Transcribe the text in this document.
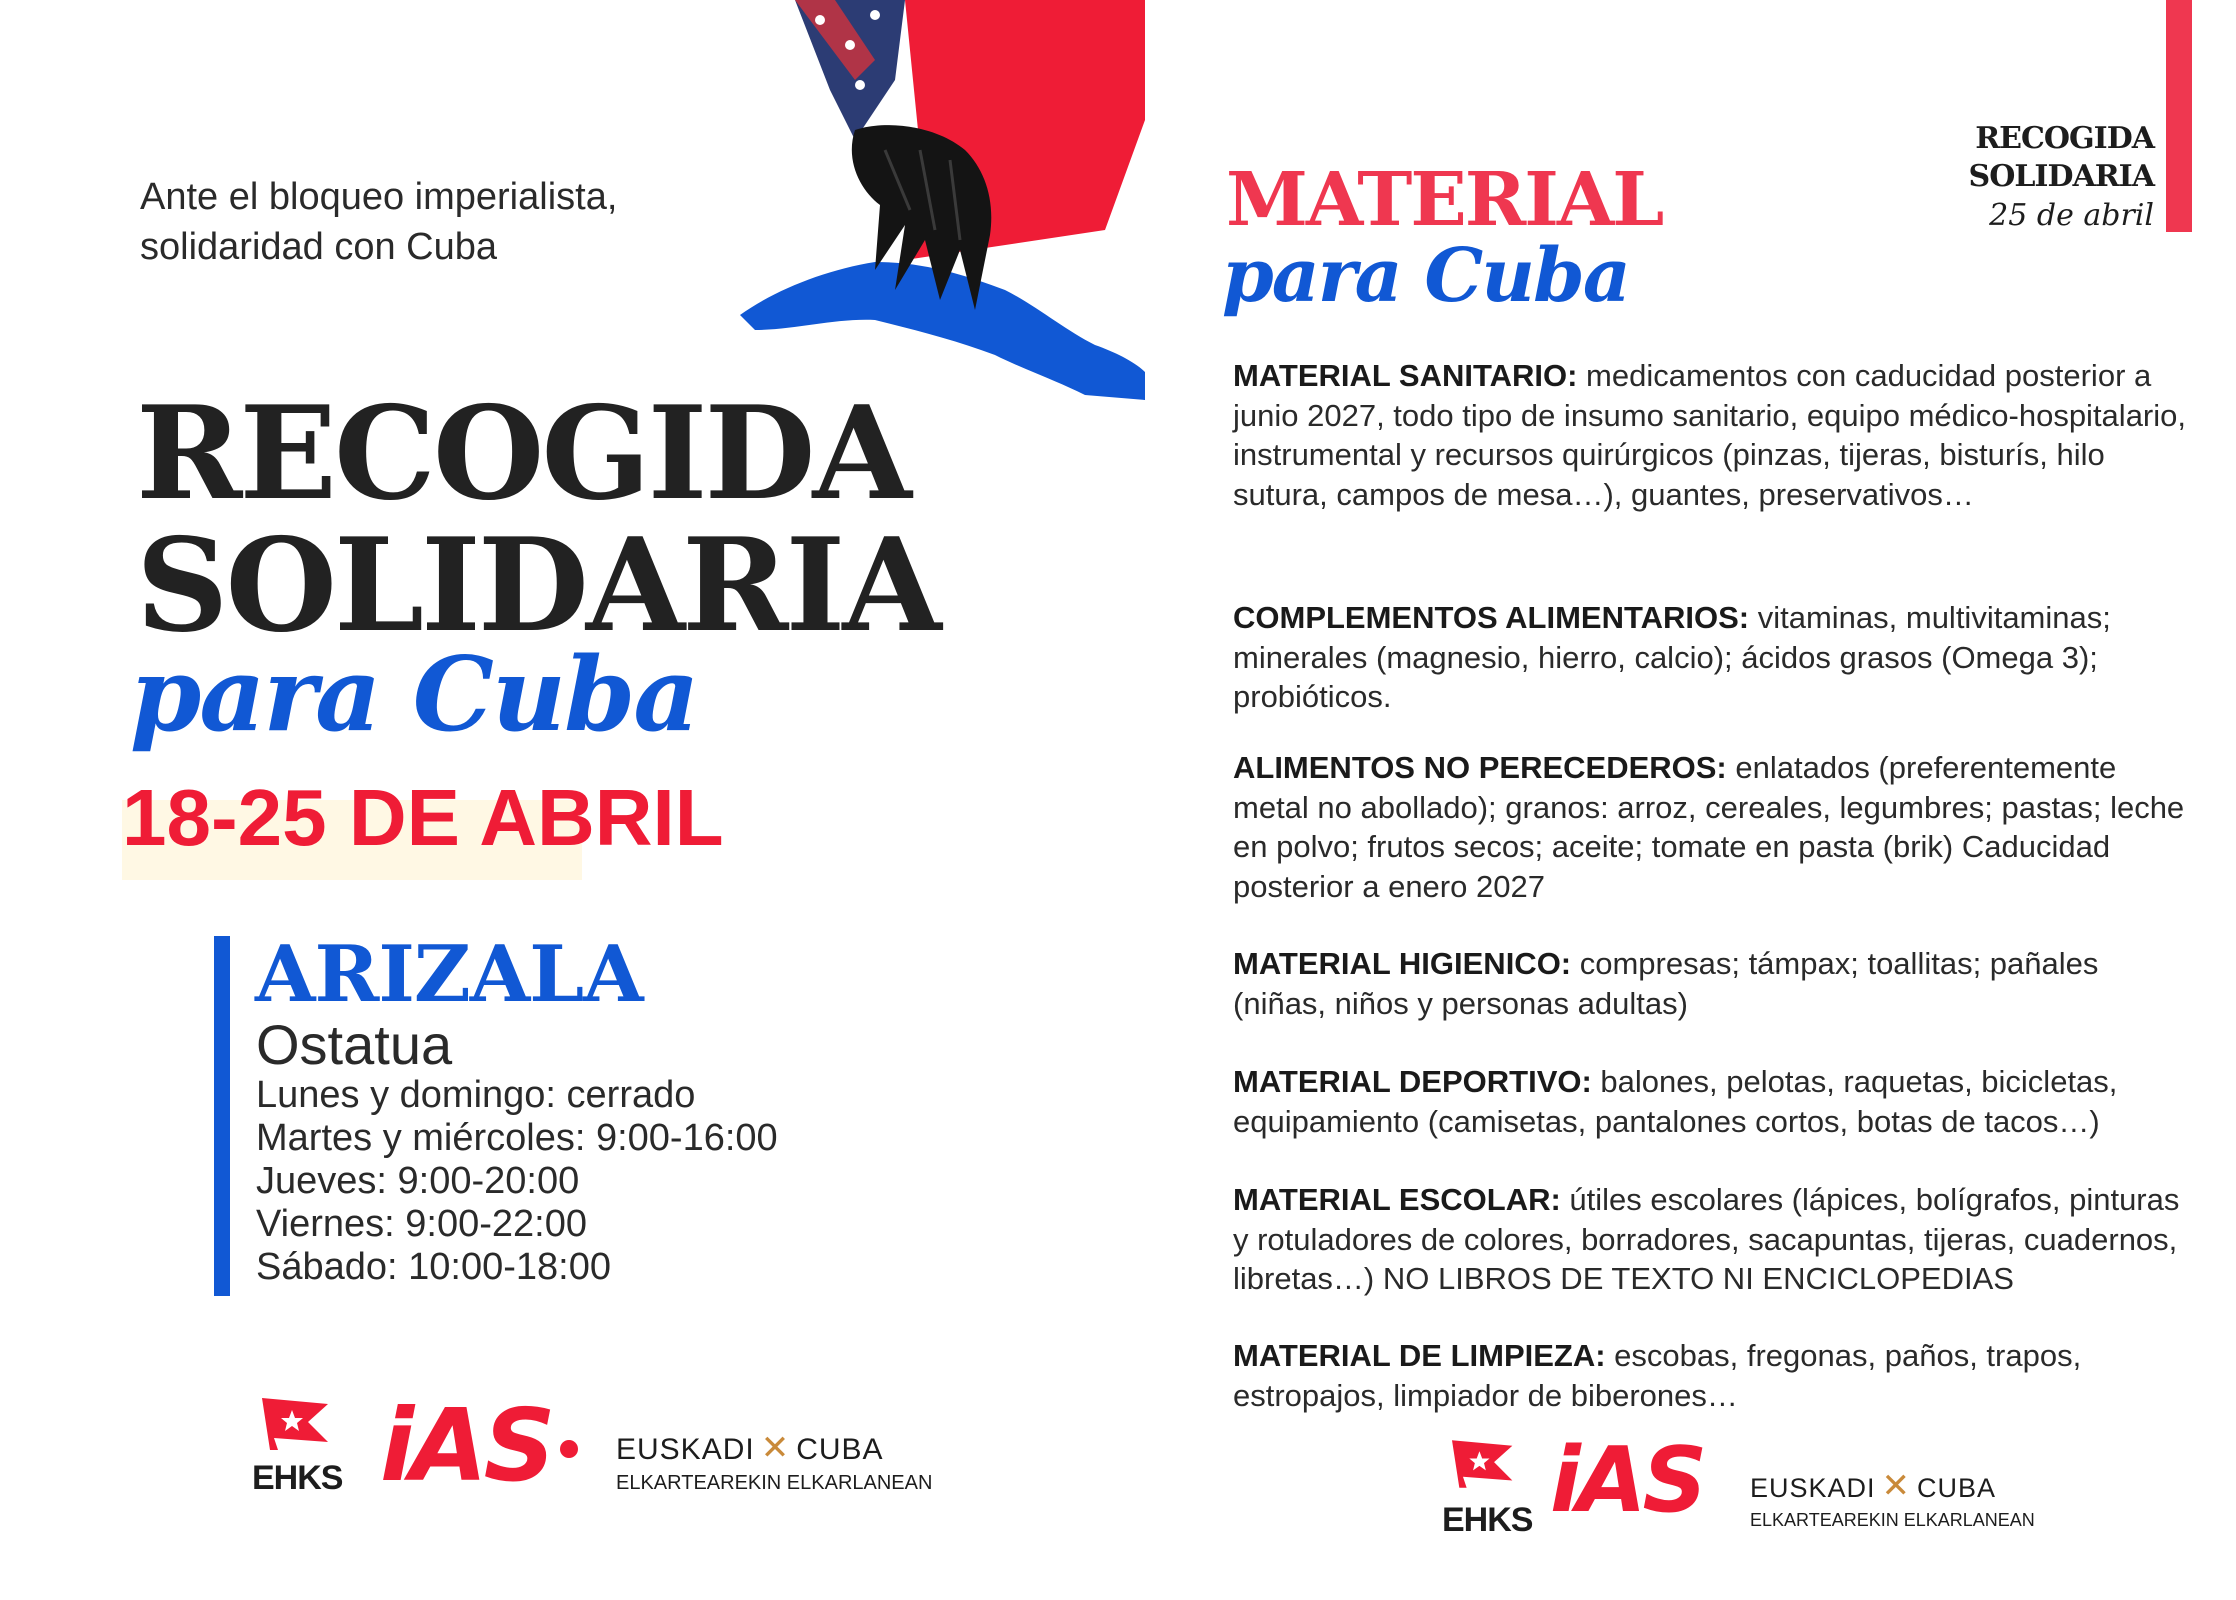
Ante el bloqueo imperialista,
solidaridad con Cuba
RECOGIDA
SOLIDARIA
para Cuba
18-25 DE ABRIL
ARIZALA
Ostatua
Lunes y domingo: cerrado
Martes y miércoles: 9:00-16:00
Jueves: 9:00-20:00
Viernes: 9:00-22:00
Sábado: 10:00-18:00
EHKS iAS EUSKADI ✕ CUBA
ELKARTEAREKIN ELKARLANEAN
RECOGIDA
SOLIDARIA
25 de abril
MATERIAL
para Cuba
MATERIAL SANITARIO: medicamentos con caducidad posterior a junio 2027, todo tipo de insumo sanitario, equipo médico-hospitalario, instrumental y recursos quirúrgicos (pinzas, tijeras, bisturís, hilo sutura, campos de mesa…), guantes, preservativos…
COMPLEMENTOS ALIMENTARIOS: vitaminas, multivitaminas; minerales (magnesio, hierro, calcio); ácidos grasos (Omega 3); probióticos.
ALIMENTOS NO PERECEDEROS: enlatados (preferentemente metal no abollado); granos: arroz, cereales, legumbres; pastas; leche en polvo; frutos secos; aceite; tomate en pasta (brik) Caducidad posterior a enero 2027
MATERIAL HIGIENICO: compresas; támpax; toallitas; pañales (niñas, niños y personas adultas)
MATERIAL DEPORTIVO: balones, pelotas, raquetas, bicicletas, equipamiento (camisetas, pantalones cortos, botas de tacos…)
MATERIAL ESCOLAR: útiles escolares (lápices, bolígrafos, pinturas y rotuladores de colores, borradores, sacapuntas, tijeras, cuadernos, libretas…) NO LIBROS DE TEXTO NI ENCICLOPEDIAS
MATERIAL DE LIMPIEZA: escobas, fregonas, paños, trapos, estropajos, limpiador de biberones…
EHKS iAS EUSKADI ✕ CUBA
ELKARTEAREKIN ELKARLANEAN
